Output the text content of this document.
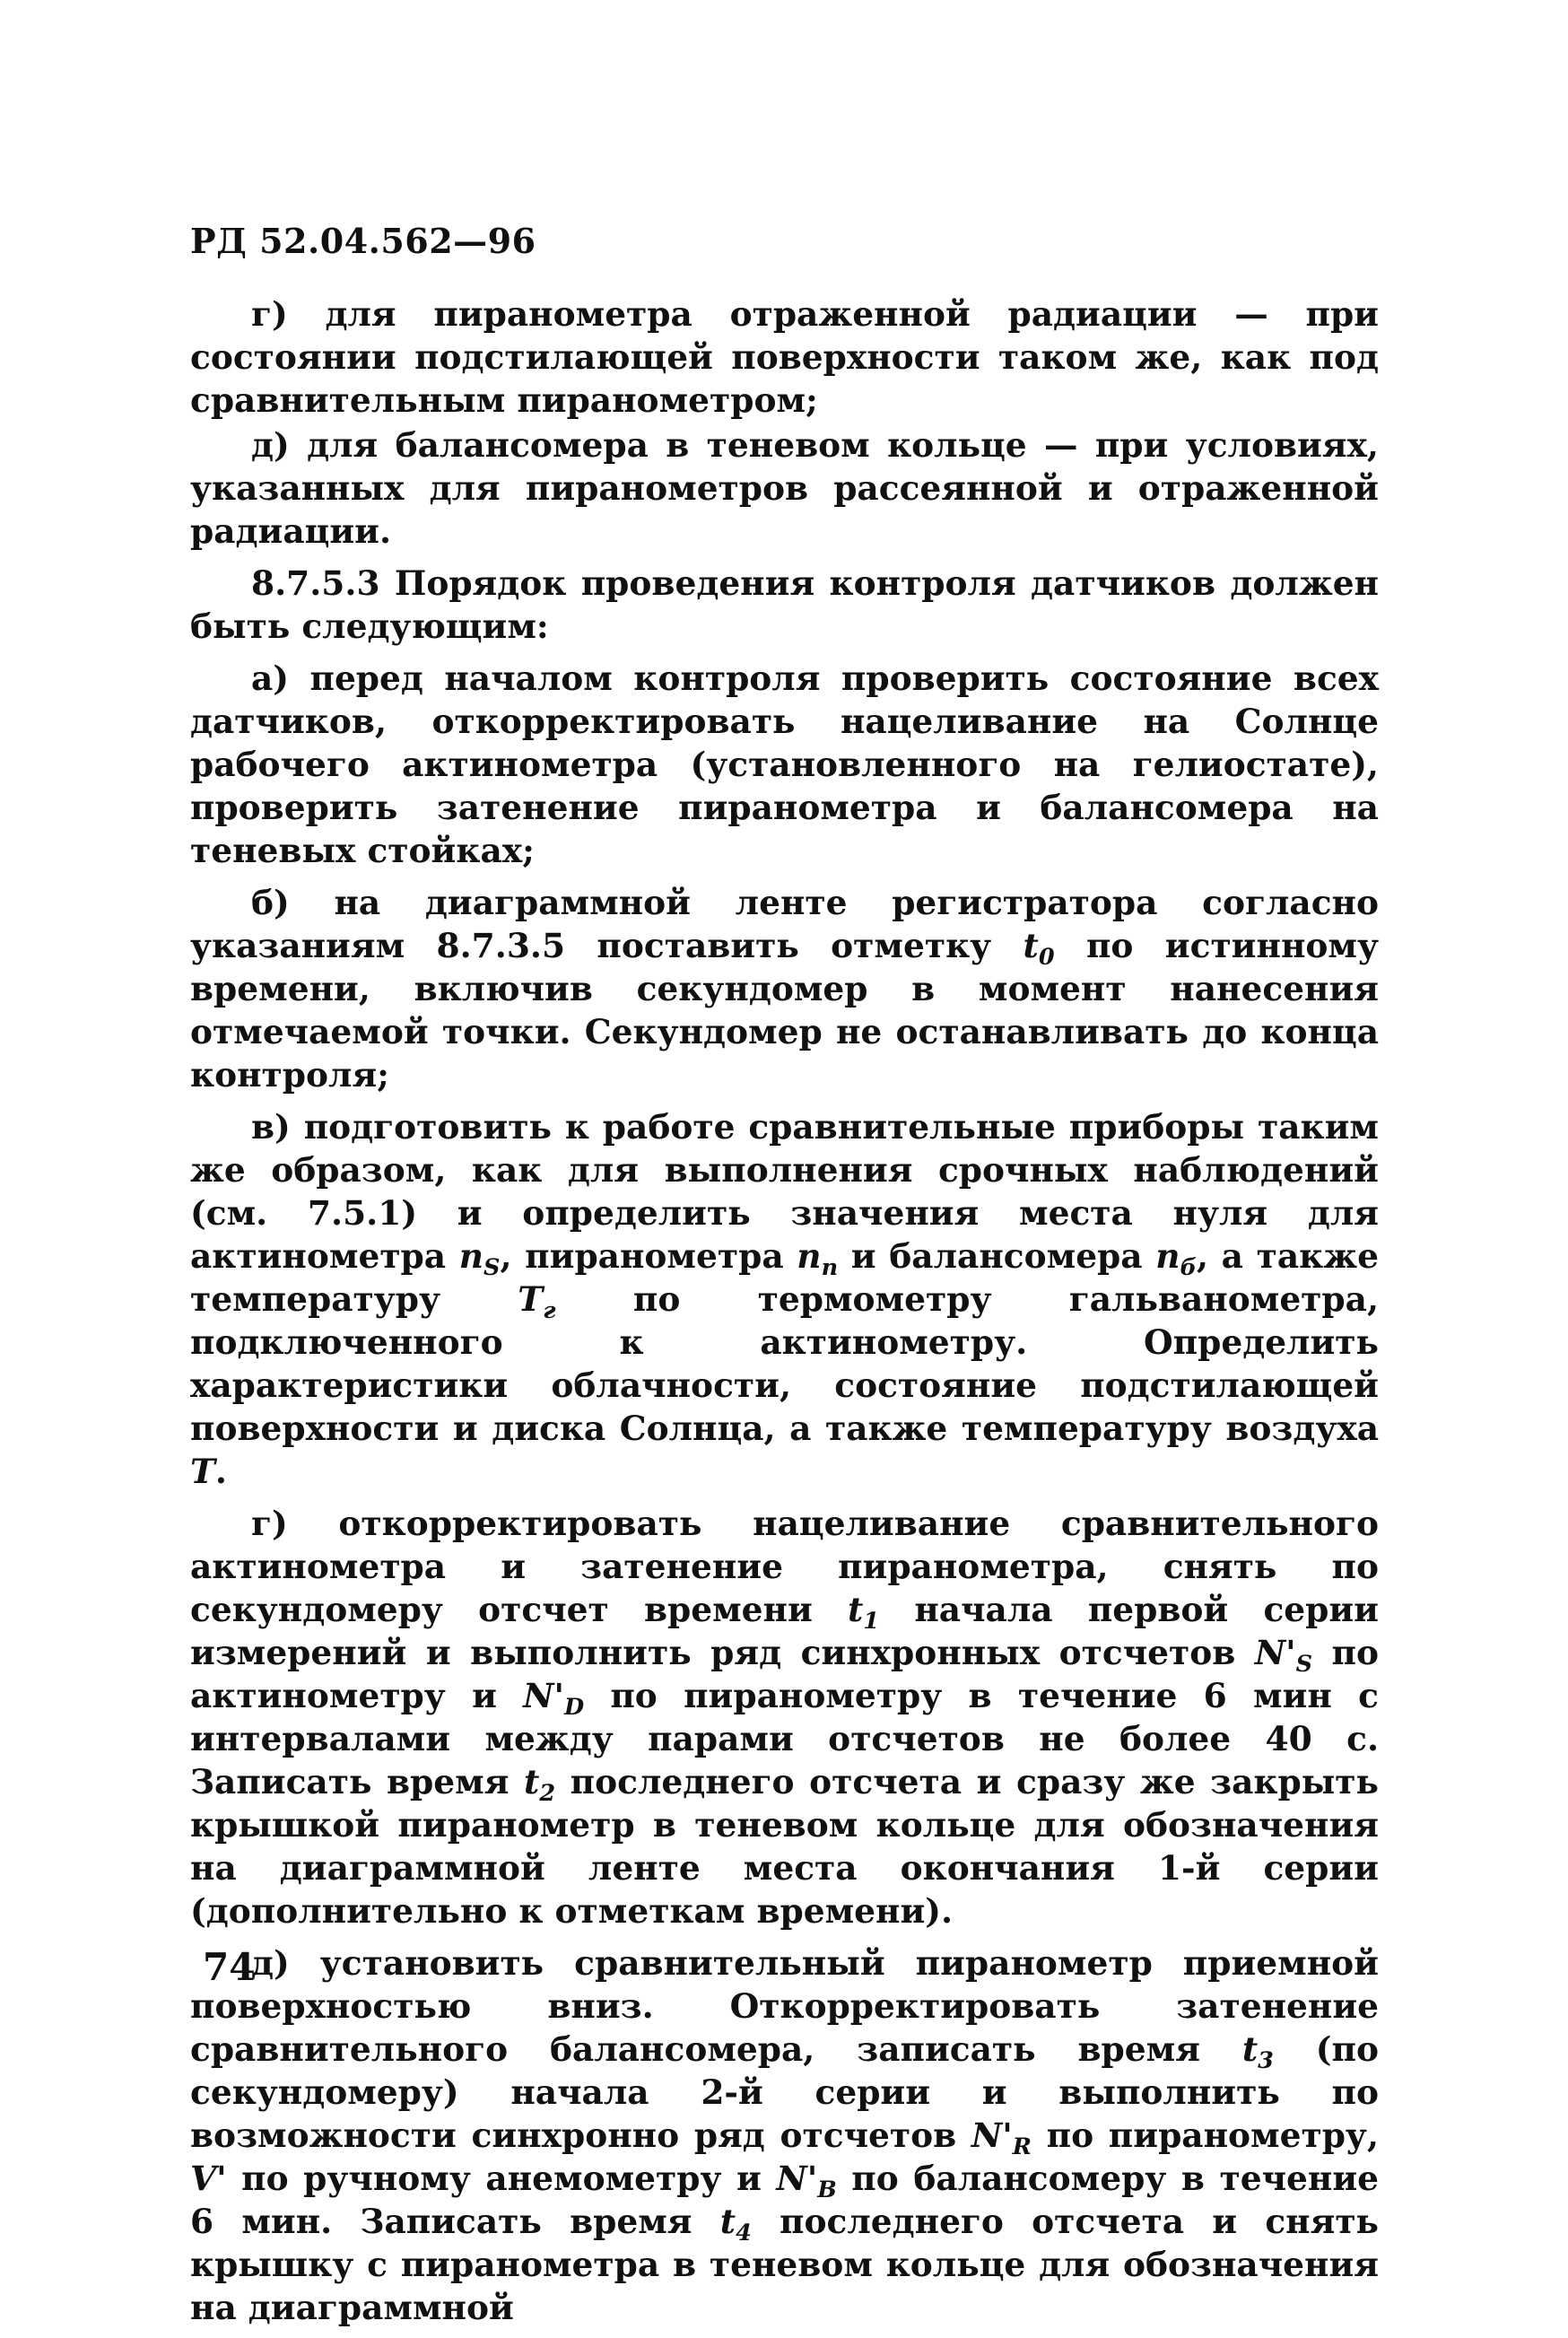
РД 52.04.562—96

г) для пиранометра отраженной радиации — при состоянии подстилающей поверхности таком же, как под сравнительным пиранометром;

д) для балансомера в теневом кольце — при условиях, указанных для пиранометров рассеянной и отраженной радиации.

8.7.5.3 Порядок проведения контроля датчиков должен быть следующим:

а) перед началом контроля проверить состояние всех датчиков, откорректировать нацеливание на Солнце рабочего актинометра (установленного на гелиостате), проверить затенение пиранометра и балансомера на теневых стойках;

б) на диаграммной ленте регистратора согласно указаниям 8.7.3.5 поставить отметку $t_0$ по истинному времени, включив секундомер в момент нанесения отмечаемой точки. Секундомер не останавливать до конца контроля;

в) подготовить к работе сравнительные приборы таким же образом, как для выполнения срочных наблюдений (см. 7.5.1) и определить значения места нуля для актинометра $n_S$, пиранометра $n_п$ и балансомера $n_б$, а также температуру $T_г$ по термометру гальванометра, подключенного к актинометру. Определить характеристики облачности, состояние подстилающей поверхности и диска Солнца, а также температуру воздуха T.

г) откорректировать нацеливание сравнительного актинометра и затенение пиранометра, снять по секундомеру отсчет времени $t_1$ начала первой серии измерений и выполнить ряд синхронных отсчетов $N'_S$ по актинометру и $N'_D$ по пиранометру в течение 6 мин с интервалами между парами отсчетов не более 40 с. Записать время $t_2$ последнего отсчета и сразу же закрыть крышкой пиранометр в теневом кольце для обозначения на диаграммной ленте места окончания 1-й серии (дополнительно к отметкам времени).

д) установить сравнительный пиранометр приемной поверхностью вниз. Откорректировать затенение сравнительного балансомера, записать время $t_3$ (по секундомеру) начала 2-й серии и выполнить по возможности синхронно ряд отсчетов $N'_R$ по пиранометру, V' по ручному анемометру и $N'_B$ по балансомеру в течение 6 мин. Записать время $t_4$ последнего отсчета и снять крышку с пиранометра в теневом кольце для обозначения на диаграммной

74
